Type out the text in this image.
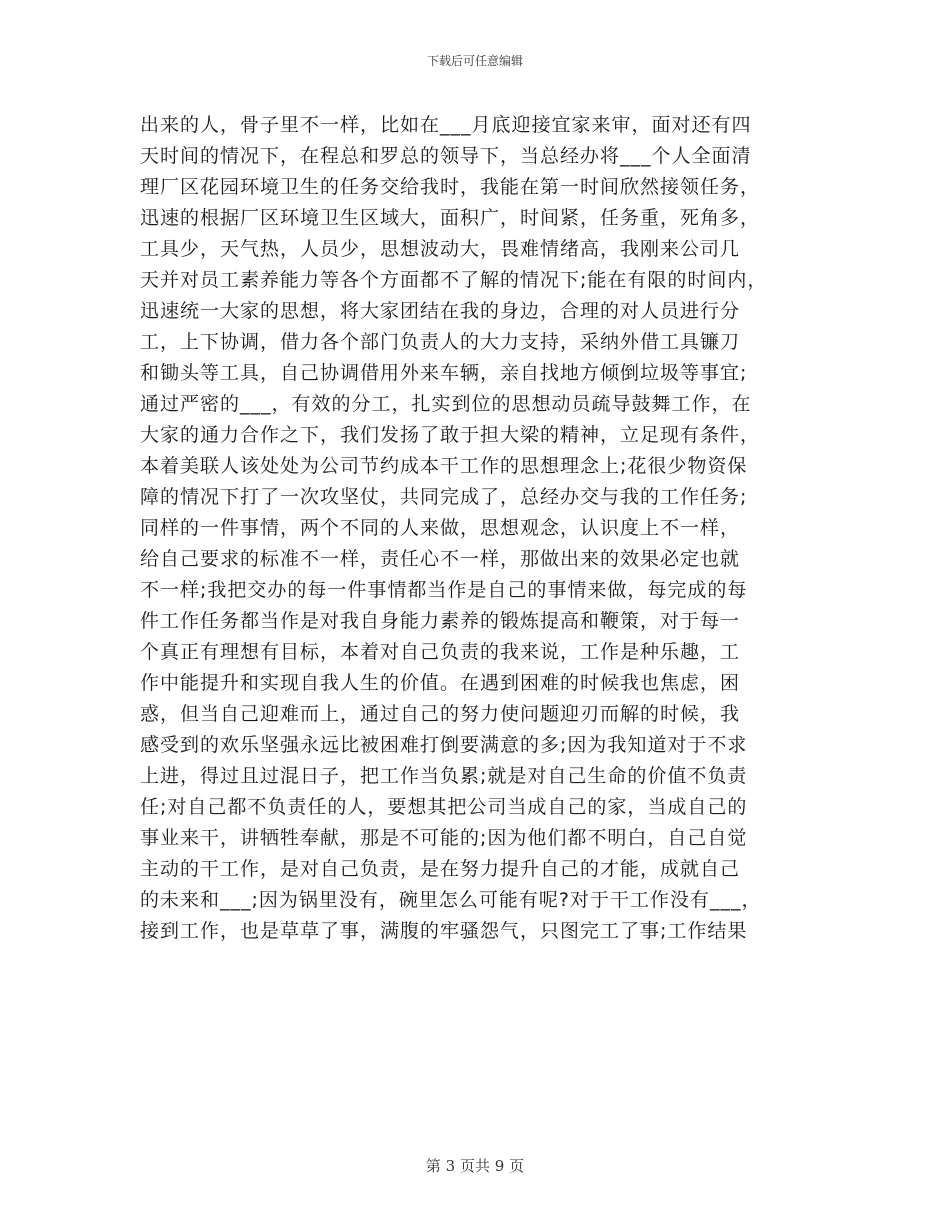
下载后可任意编辑
出来的人，骨子里不一样，比如在___月底迎接宜家来审，面对还有四
天时间的情况下，在程总和罗总的领导下，当总经办将___个人全面清
理厂区花园环境卫生的任务交给我时，我能在第一时间欣然接领任务，
迅速的根据厂区环境卫生区域大，面积广，时间紧，任务重，死角多，
工具少，天气热，人员少，思想波动大，畏难情绪高，我刚来公司几
天并对员工素养能力等各个方面都不了解的情况下;能在有限的时间内，
迅速统一大家的思想，将大家团结在我的身边，合理的对人员进行分
工，上下协调，借力各个部门负责人的大力支持，采纳外借工具镰刀
和锄头等工具，自己协调借用外来车辆，亲自找地方倾倒垃圾等事宜;
通过严密的___，有效的分工，扎实到位的思想动员疏导鼓舞工作，在
大家的通力合作之下，我们发扬了敢于担大梁的精神，立足现有条件，
本着美联人该处处为公司节约成本干工作的思想理念上;花很少物资保
障的情况下打了一次攻坚仗，共同完成了，总经办交与我的工作任务;
同样的一件事情，两个不同的人来做，思想观念，认识度上不一样，
给自己要求的标准不一样，责任心不一样，那做出来的效果必定也就
不一样;我把交办的每一件事情都当作是自己的事情来做，每完成的每
件工作任务都当作是对我自身能力素养的锻炼提高和鞭策，对于每一
个真正有理想有目标，本着对自己负责的我来说，工作是种乐趣，工
作中能提升和实现自我人生的价值。在遇到困难的时候我也焦虑，困
惑，但当自己迎难而上，通过自己的努力使问题迎刃而解的时候，我
感受到的欢乐坚强永远比被困难打倒要满意的多;因为我知道对于不求
上进，得过且过混日子，把工作当负累;就是对自己生命的价值不负责
任;对自己都不负责任的人，要想其把公司当成自己的家，当成自己的
事业来干，讲牺牲奉献，那是不可能的;因为他们都不明白，自己自觉
主动的干工作，是对自己负责，是在努力提升自己的才能，成就自己
的未来和___;因为锅里没有，碗里怎么可能有呢?对于干工作没有___，
接到工作，也是草草了事，满腹的牢骚怨气，只图完工了事;工作结果
第 3 页共 9 页
